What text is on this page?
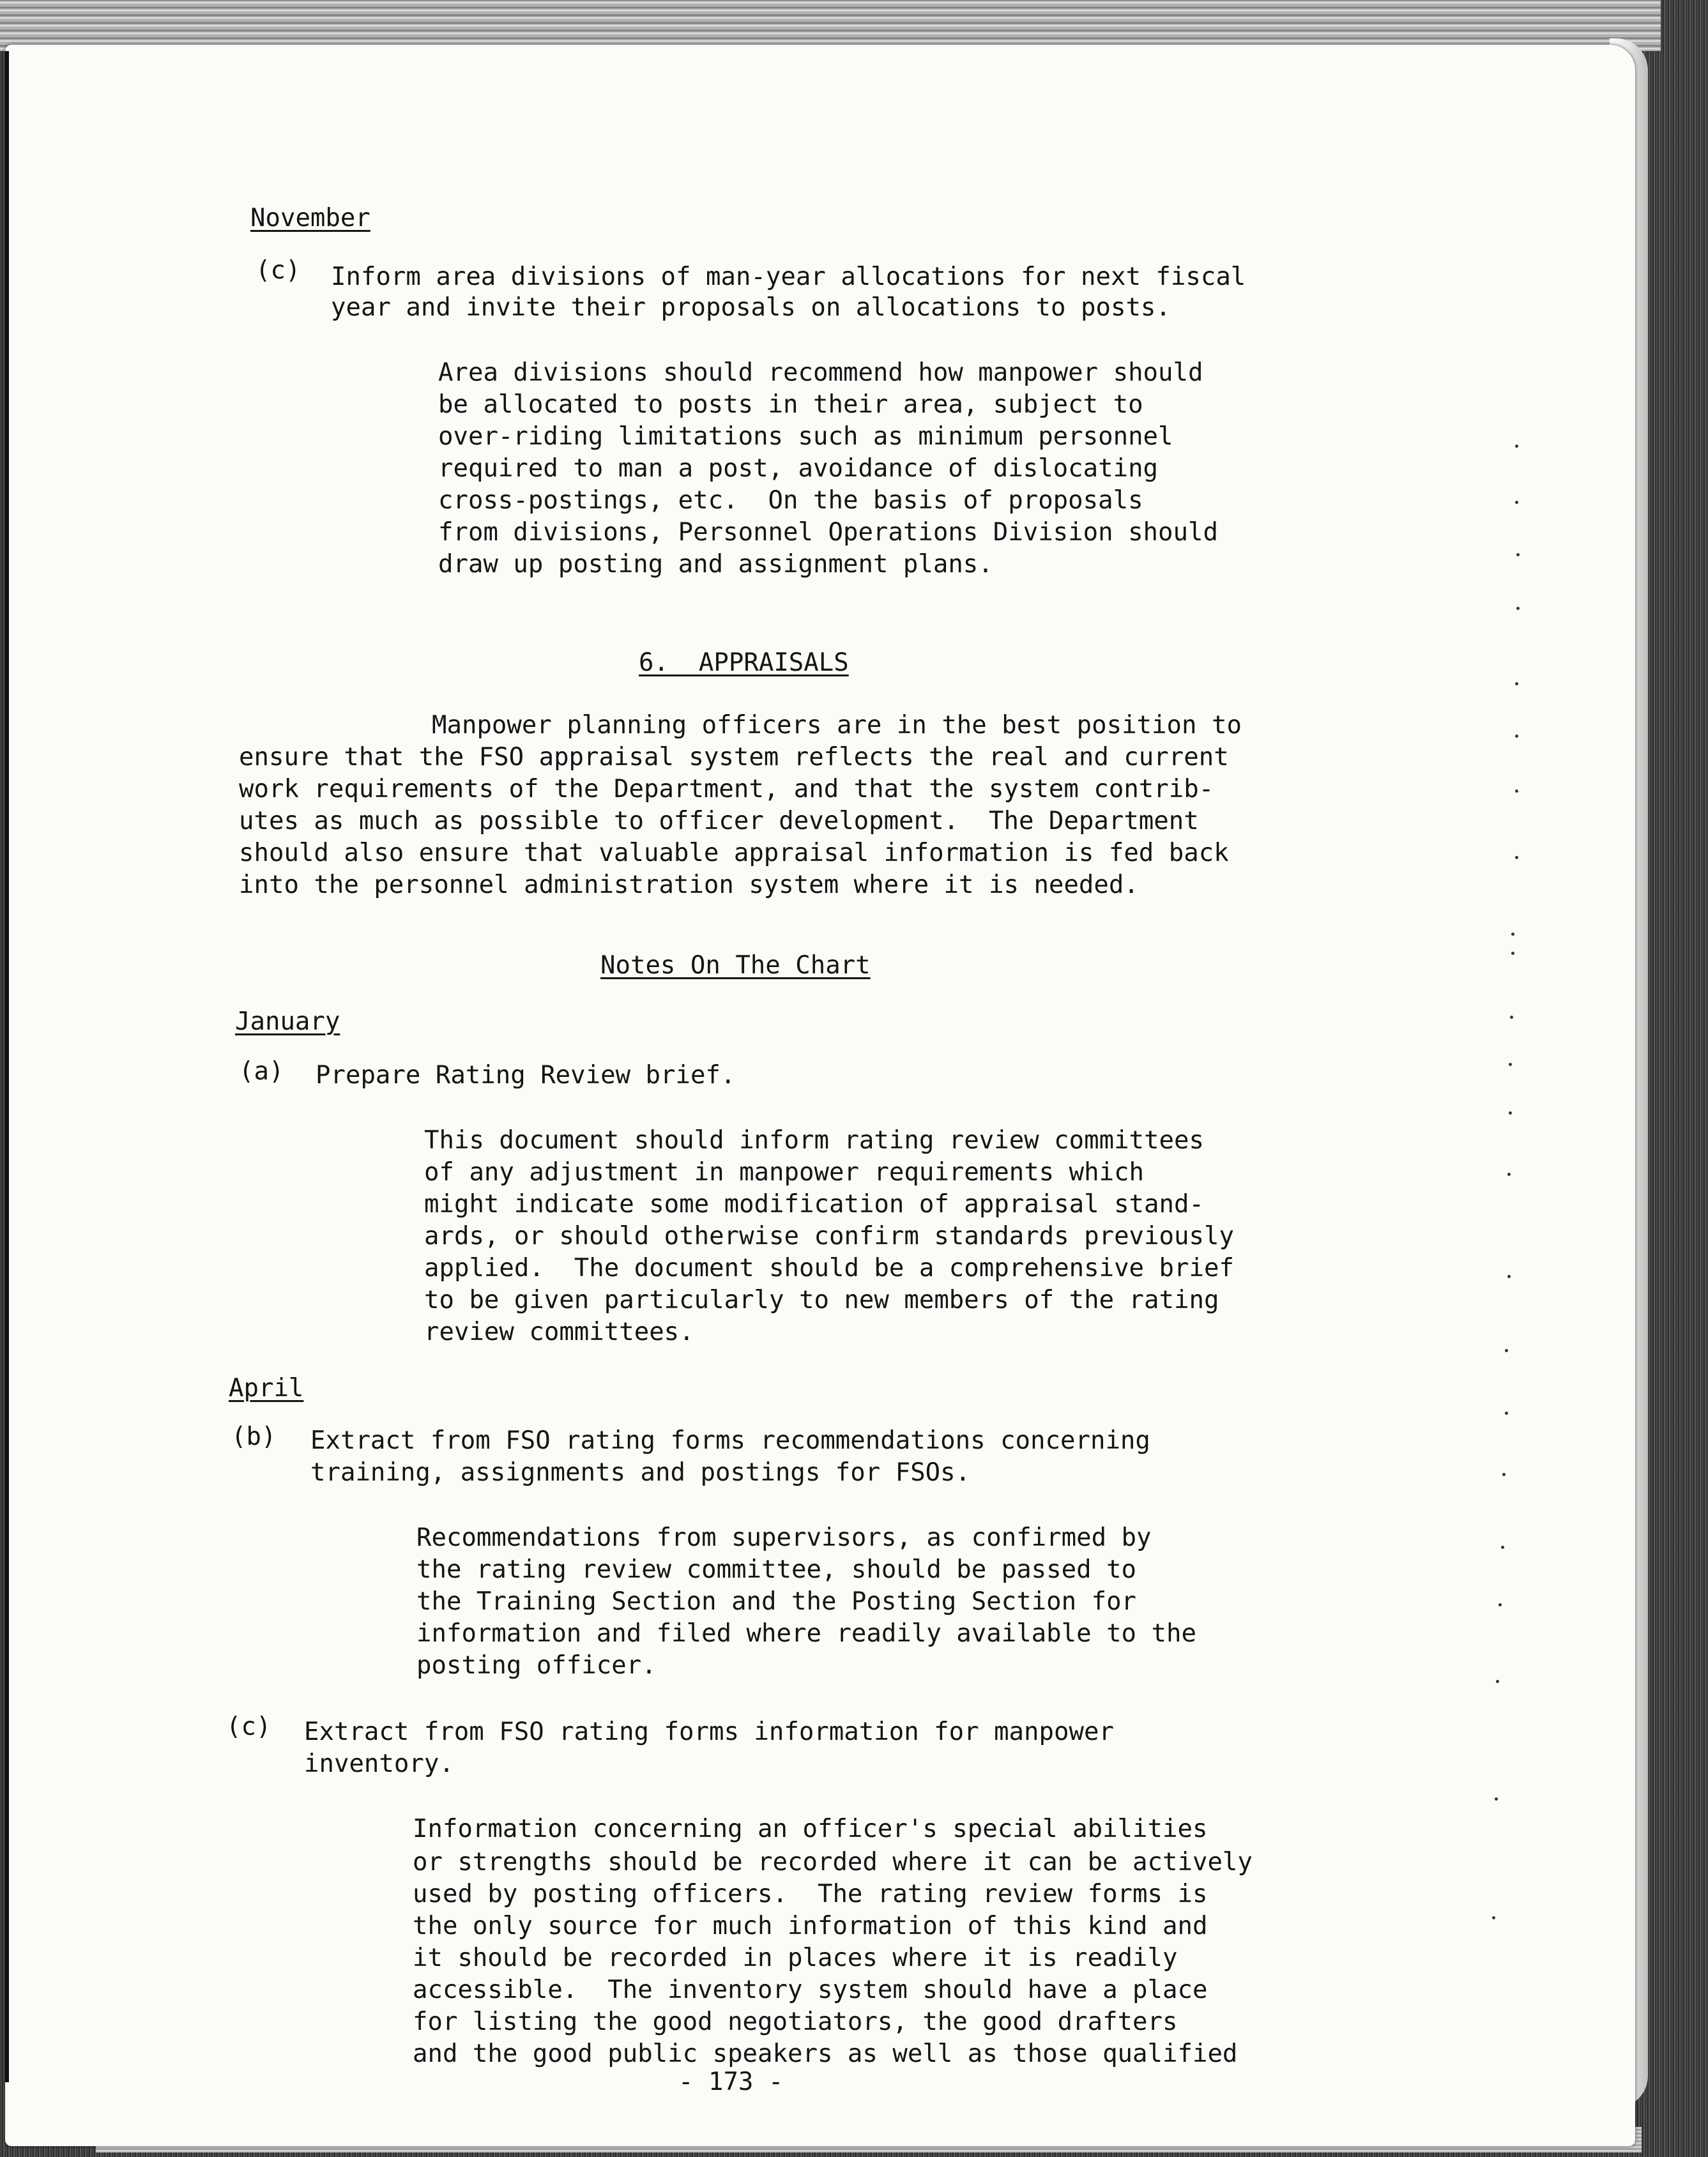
November
(c) Inform area divisions of man-year allocations for next fiscal
year and invite their proposals on allocations to posts.
Area divisions should recommend how manpower should
be allocated to posts in their area, subject to
over-riding limitations such as minimum personnel
required to man a post, avoidance of dislocating
cross-postings, etc.  On the basis of proposals
from divisions, Personnel Operations Division should
draw up posting and assignment plans.
6.  APPRAISALS
Manpower planning officers are in the best position to
ensure that the FSO appraisal system reflects the real and current
work requirements of the Department, and that the system contrib-
utes as much as possible to officer development.  The Department
should also ensure that valuable appraisal information is fed back
into the personnel administration system where it is needed.
Notes On The Chart
January
(a) Prepare Rating Review brief.
This document should inform rating review committees
of any adjustment in manpower requirements which
might indicate some modification of appraisal stand-
ards, or should otherwise confirm standards previously
applied.  The document should be a comprehensive brief
to be given particularly to new members of the rating
review committees.
April
(b) Extract from FSO rating forms recommendations concerning
training, assignments and postings for FSOs.
Recommendations from supervisors, as confirmed by
the rating review committee, should be passed to
the Training Section and the Posting Section for
information and filed where readily available to the
posting officer.
(c) Extract from FSO rating forms information for manpower
inventory.
Information concerning an officer's special abilities
or strengths should be recorded where it can be actively
used by posting officers.  The rating review forms is
the only source for much information of this kind and
it should be recorded in places where it is readily
accessible.  The inventory system should have a place
for listing the good negotiators, the good drafters
and the good public speakers as well as those qualified
- 173 -
